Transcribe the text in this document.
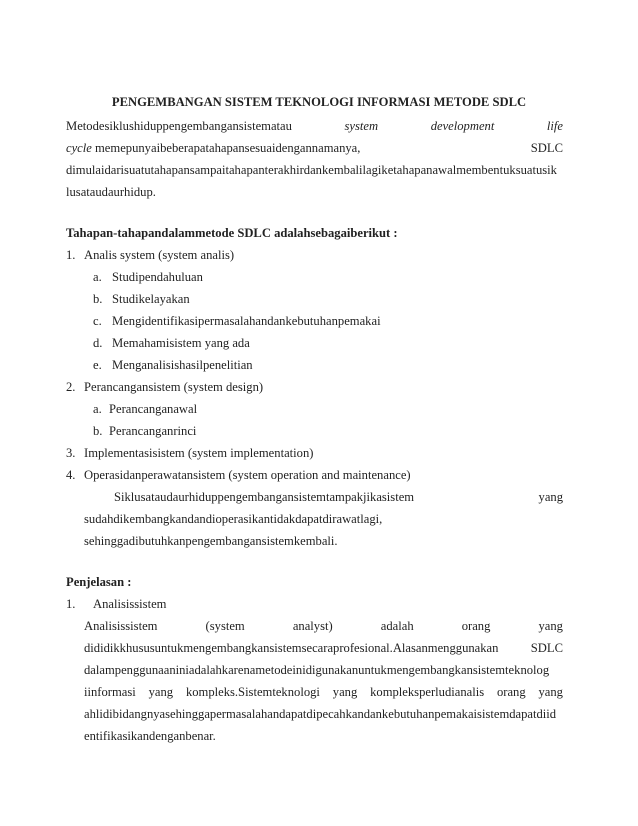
PENGEMBANGAN SISTEM TEKNOLOGI INFORMASI METODE SDLC
Metodesiklushiduppengembangansistematau	system	development	life
cycle memepunyaibeberapatahapansesuaidengannamanya,	SDLC
dimulaidarisuatutahapansampaitahapanterakhirdankembalilagiketahapanawalmembentuksuatusik
lusataudaurhidup.
Tahapan-tahapandalammetode SDLC adalahsebagaiberikut :
1. Analis system (system analis)
a. Studipendahuluan
b. Studikelayakan
c. Mengidentifikasipermasalahandankebutuhanpemakai
d. Memahamisistem yang ada
e. Menganalisishasilpenelitian
2. Perancangansistem (system design)
a. Perancanganawal
b. Perancanganrinci
3. Implementasisistem (system implementation)
4. Operasidanperawatansistem (system operation and maintenance)
Siklusataudaurhiduppengembangansistemtampakjikasistem	yang
sudahdikembangkandandioperasikantidakdapatdirawatlagi,
sehinggadibutuhkanpengembangansistemkembali.
Penjelasan :
1. Analisissistem
Analisissistem	(system	analyst)	adalah	orang	yang
dididikkhususuntukmengembangkansistemsecaraprofesional.Alasanmenggunakan	SDLC
dalampenggunaaniniadalahkarenametodeinidigunakanuntukmengembangkansistemteknolog
iinformasi yang kompleks.Sistemteknologi yang kompleksperludianalis orang yang
ahlidibidangnyasehinggapermasalahandapatdipecahkandankebutuhanpemakaisistemdapatdiid
entifikasikandenganbenar.
